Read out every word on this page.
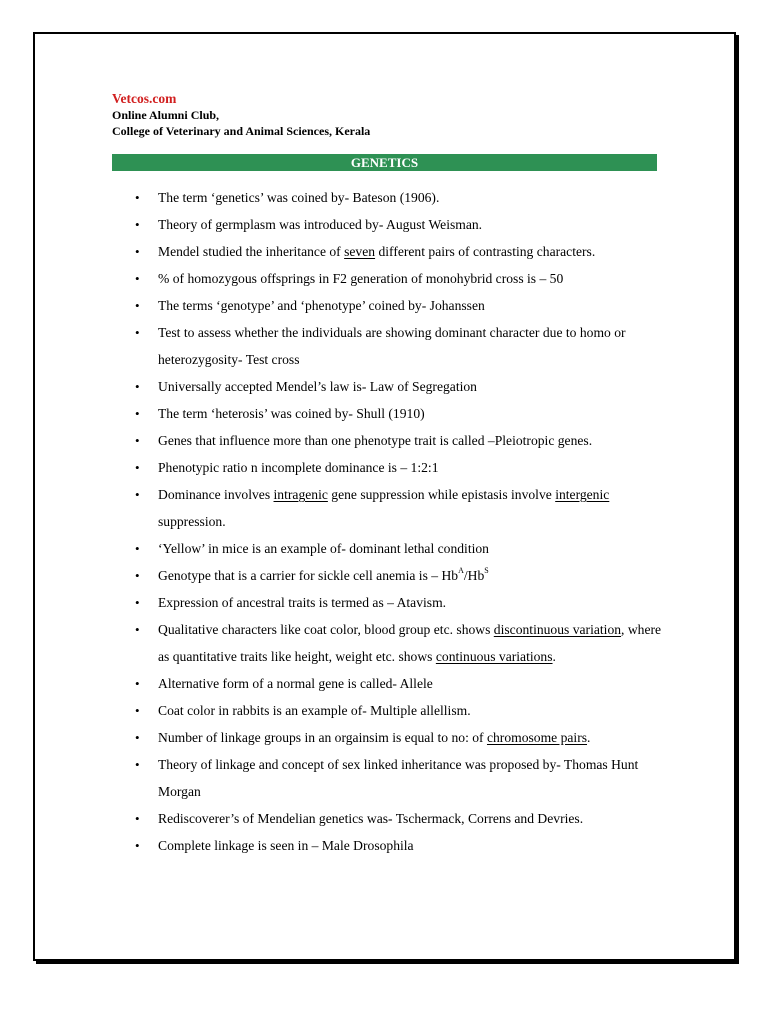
Vetcos.com
Online Alumni Club,
College of Veterinary and Animal Sciences, Kerala
GENETICS
• The term ‘genetics’ was coined by- Bateson (1906).
• Theory of germplasm was introduced by- August Weisman.
• Mendel studied the inheritance of seven different pairs of contrasting characters.
• % of homozygous offsprings in F2 generation of monohybrid cross is – 50
• The terms ‘genotype’ and ‘phenotype’ coined by- Johanssen
• Test to assess whether the individuals are showing dominant character due to homo or heterozygosity- Test cross
• Universally accepted Mendel’s law is- Law of Segregation
• The term ‘heterosis’ was coined by- Shull (1910)
• Genes that influence more than one phenotype trait is called –Pleiotropic genes.
• Phenotypic ratio n incomplete dominance is – 1:2:1
• Dominance involves intragenic gene suppression while epistasis involve intergenic suppression.
• ‘Yellow’ in mice is an example of- dominant lethal condition
• Genotype that is a carrier for sickle cell anemia is – $Hb^A/Hb^S$
• Expression of ancestral traits is termed as – Atavism.
• Qualitative characters like coat color, blood group etc. shows discontinuous variation, where as quantitative traits like height, weight etc. shows continuous variations.
• Alternative form of a normal gene is called- Allele
• Coat color in rabbits is an example of- Multiple allellism.
• Number of linkage groups in an orgainsim is equal to no: of chromosome pairs.
• Theory of linkage and concept of sex linked inheritance was proposed by- Thomas Hunt Morgan
• Rediscoverer’s of Mendelian genetics was- Tschermack, Correns and Devries.
• Complete linkage is seen in – Male Drosophila
